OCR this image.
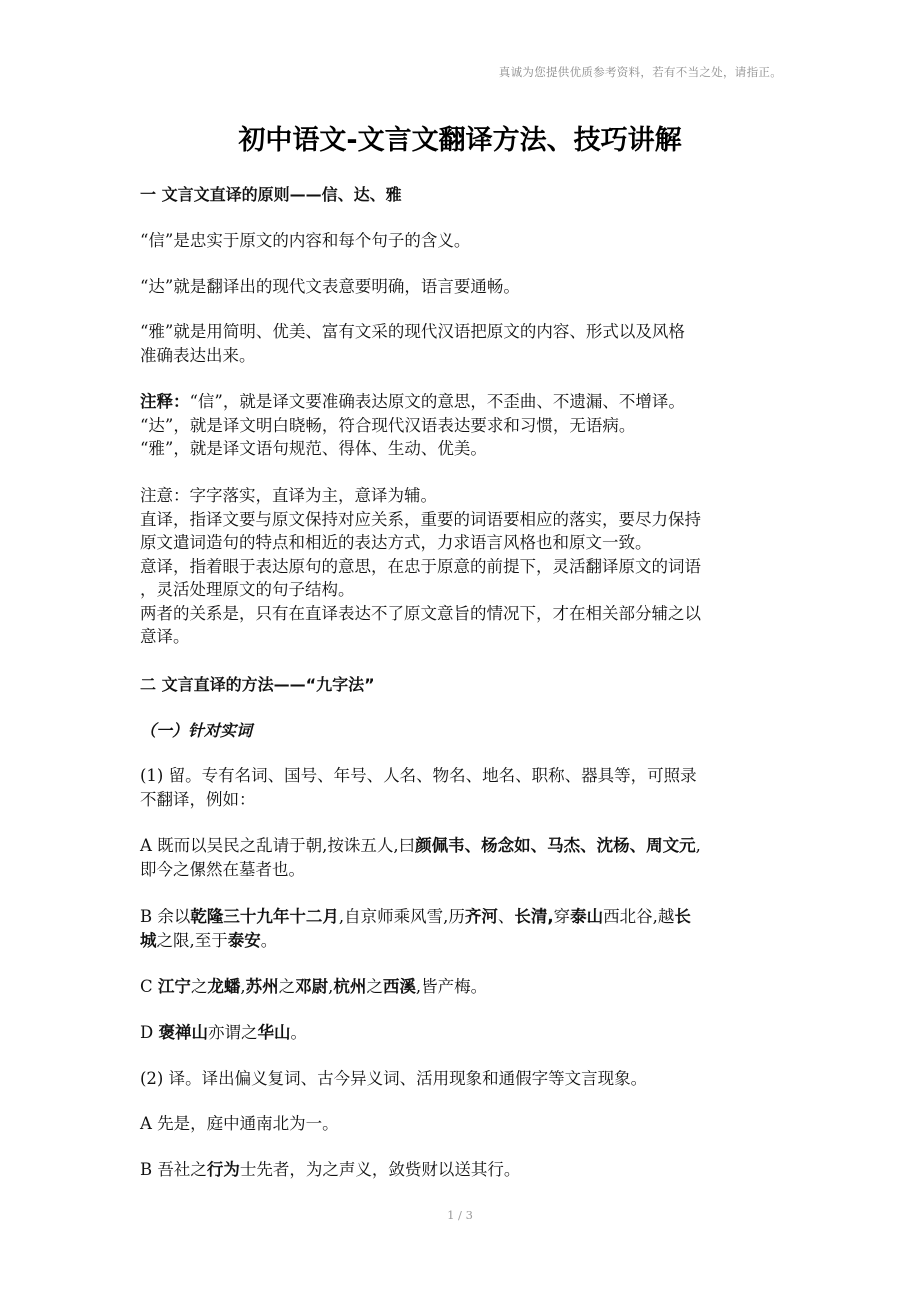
真诚为您提供优质参考资料，若有不当之处，请指正。
初中语文-文言文翻译方法、技巧讲解
一 文言文直译的原则——信、达、雅
“信”是忠实于原文的内容和每个句子的含义。
“达”就是翻译出的现代文表意要明确，语言要通畅。
“雅”就是用简明、优美、富有文采的现代汉语把原文的内容、形式以及风格
准确表达出来。
注释：“信”，就是译文要准确表达原文的意思，不歪曲、不遗漏、不增译。
“达”，就是译文明白晓畅，符合现代汉语表达要求和习惯，无语病。
“雅”，就是译文语句规范、得体、生动、优美。
注意：字字落实，直译为主，意译为辅。
直译，指译文要与原文保持对应关系，重要的词语要相应的落实，要尽力保持
原文遣词造句的特点和相近的表达方式，力求语言风格也和原文一致。
意译，指着眼于表达原句的意思，在忠于原意的前提下，灵活翻译原文的词语
，灵活处理原文的句子结构。
两者的关系是，只有在直译表达不了原文意旨的情况下，才在相关部分辅之以
意译。
二 文言直译的方法——“九字法”
（一）针对实词
(1) 留。专有名词、国号、年号、人名、物名、地名、职称、器具等，可照录
不翻译，例如：
A 既而以吴民之乱请于朝,按诛五人,曰颜佩韦、杨念如、马杰、沈杨、周文元,
即今之傫然在墓者也。
B 余以乾隆三十九年十二月,自京师乘风雪,历齐河、长清,穿泰山西北谷,越长
城之限,至于泰安。
C 江宁之龙蟠,苏州之邓尉,杭州之西溪,皆产梅。
D 褒禅山亦谓之华山。
(2) 译。译出偏义复词、古今异义词、活用现象和通假字等文言现象。
A 先是，庭中通南北为一。
B 吾社之行为士先者，为之声义，敛赀财以送其行。
1 / 3
